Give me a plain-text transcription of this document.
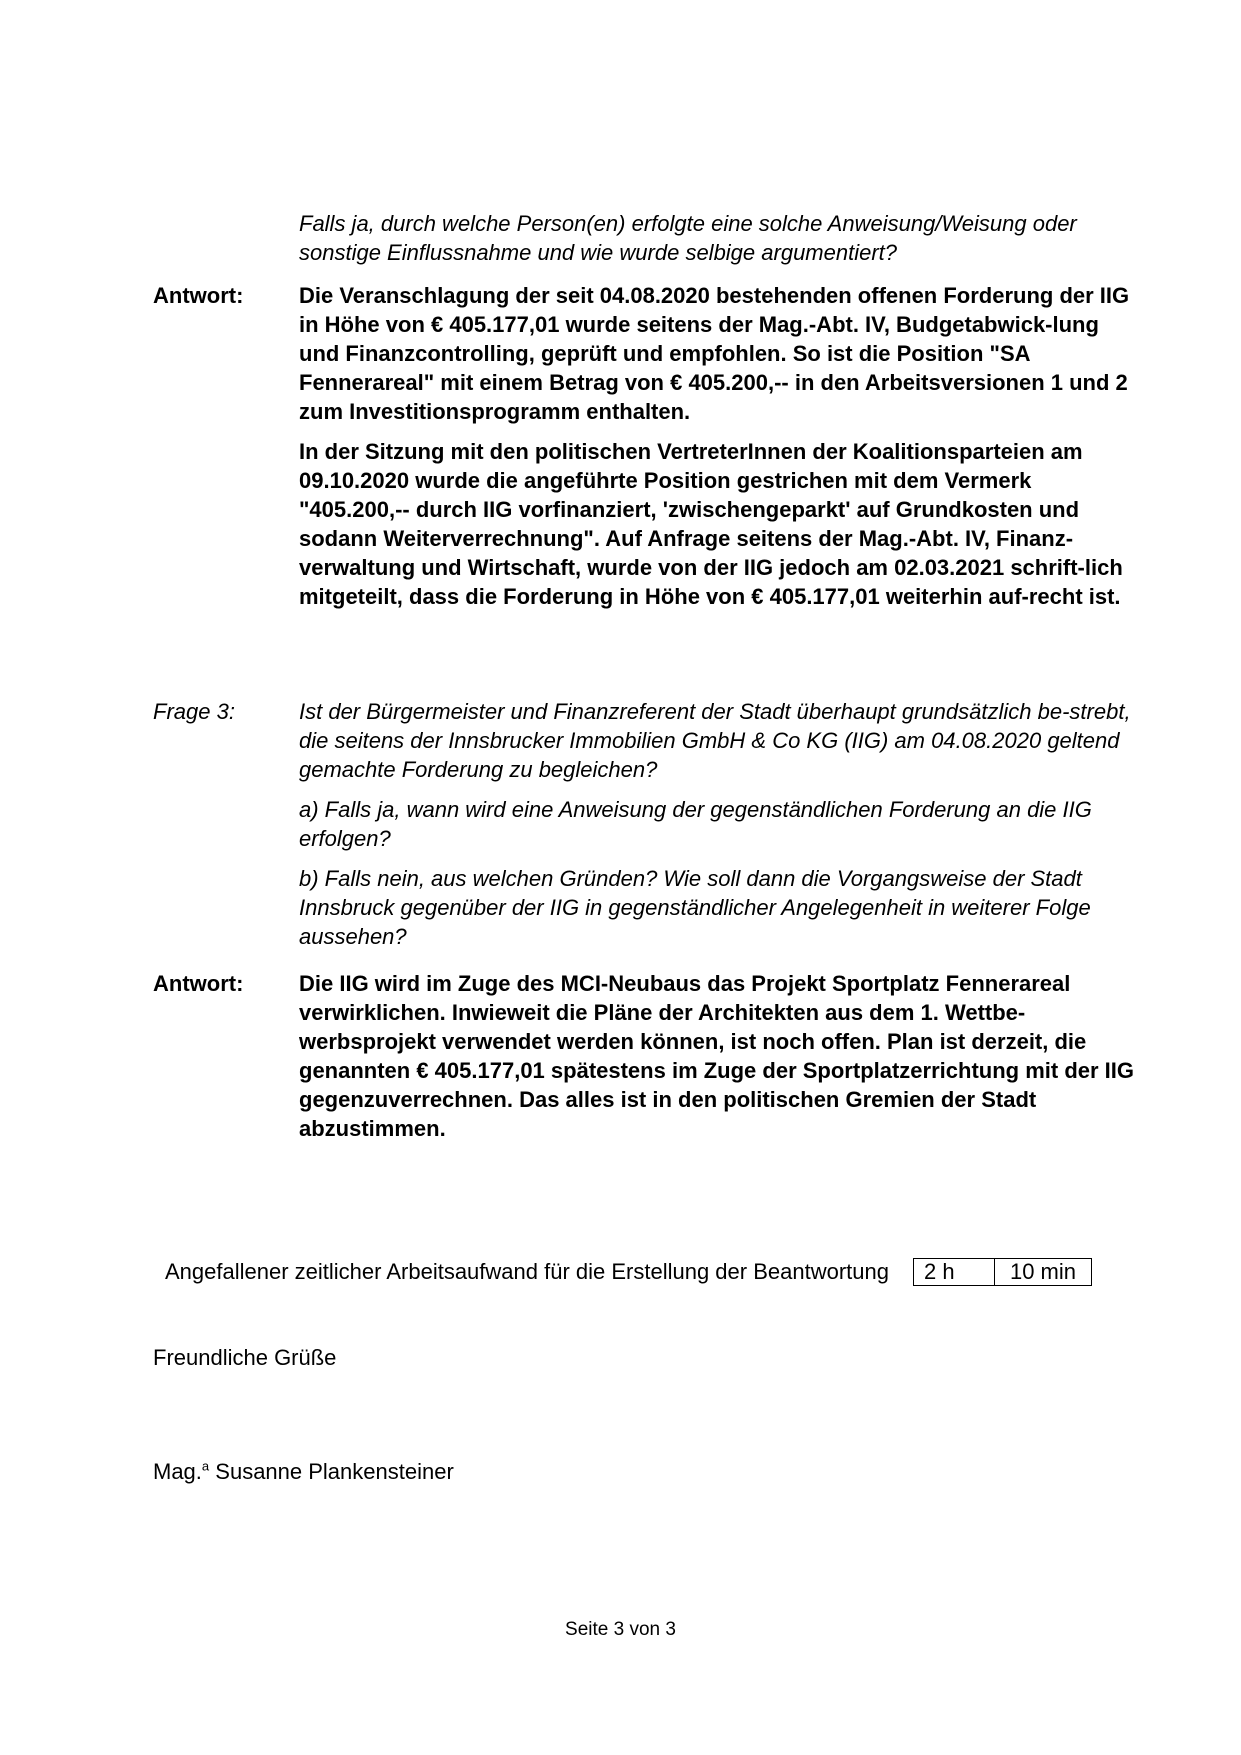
Falls ja, durch welche Person(en) erfolgte eine solche Anweisung/Weisung oder sonstige Einflussnahme und wie wurde selbige argumentiert?

Antwort:	Die Veranschlagung der seit 04.08.2020 bestehenden offenen Forderung der IIG in Höhe von € 405.177,01 wurde seitens der Mag.-Abt. IV, Budgetabwick-lung und Finanzcontrolling, geprüft und empfohlen. So ist die Position "SA Fennerareal" mit einem Betrag von € 405.200,-- in den Arbeitsversionen 1 und 2 zum Investitionsprogramm enthalten.

In der Sitzung mit den politischen VertreterInnen der Koalitionsparteien am 09.10.2020 wurde die angeführte Position gestrichen mit dem Vermerk "405.200,-- durch IIG vorfinanziert, 'zwischengeparkt' auf Grundkosten und sodann Weiterverrechnung". Auf Anfrage seitens der Mag.-Abt. IV, Finanz-verwaltung und Wirtschaft, wurde von der IIG jedoch am 02.03.2021 schrift-lich mitgeteilt, dass die Forderung in Höhe von € 405.177,01 weiterhin auf-recht ist.

Frage 3:	Ist der Bürgermeister und Finanzreferent der Stadt überhaupt grundsätzlich be-strebt, die seitens der Innsbrucker Immobilien GmbH & Co KG (IIG) am 04.08.2020 geltend gemachte Forderung zu begleichen?

a) Falls ja, wann wird eine Anweisung der gegenständlichen Forderung an die IIG erfolgen?

b) Falls nein, aus welchen Gründen? Wie soll dann die Vorgangsweise der Stadt Innsbruck gegenüber der IIG in gegenständlicher Angelegenheit in weiterer Folge aussehen?

Antwort:	Die IIG wird im Zuge des MCI-Neubaus das Projekt Sportplatz Fennerareal verwirklichen. Inwieweit die Pläne der Architekten aus dem 1. Wettbe-werbsprojekt verwendet werden können, ist noch offen. Plan ist derzeit, die genannten € 405.177,01 spätestens im Zuge der Sportplatzerrichtung mit der IIG gegenzuverrechnen. Das alles ist in den politischen Gremien der Stadt abzustimmen.

Angefallener zeitlicher Arbeitsaufwand für die Erstellung der Beantwortung	2 h	10 min
Freundliche Grüße
Mag.$^a$ Susanne Plankensteiner
Seite 3 von 3
